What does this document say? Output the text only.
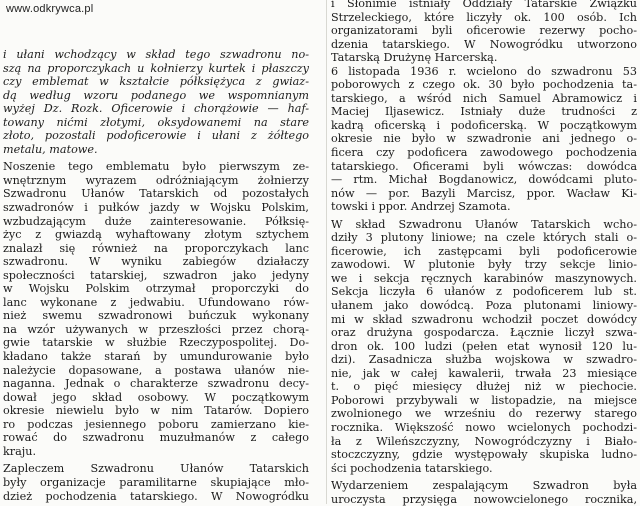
www.odkrywca.pl
i ułani wchodzący w skład tego szwadronu no-
szą na proporczykach u kołnierzy kurtek i płaszczy
czy emblemat w kształcie półksiężyca z gwiaz-
dą według wzoru podanego we wspomnianym
wyżej Dz. Rozk. Oficerowie i chorążowie — haf-
towany nićmi złotymi, oksydowanemi na stare
złoto, pozostali podoficerowie i ułani z żółtego
metalu, matowe.
Noszenie tego emblematu było pierwszym ze-
wnętrznym wyrazem odróżniającym żołnierzy
Szwadronu Ułanów Tatarskich od pozostałych
szwadronów i pułków jazdy w Wojsku Polskim,
wzbudzającym duże zainteresowanie. Półksię-
życ z gwiazdą wyhaftowany złotym sztychem
znalazł się również na proporczykach lanc
szwadronu. W wyniku zabiegów działaczy
społeczności tatarskiej, szwadron jako jedyny
w Wojsku Polskim otrzymał proporczyki do
lanc wykonane z jedwabiu. Ufundowano rów-
nież swemu szwadronowi buńczuk wykonany
na wzór używanych w przeszłości przez chorą-
gwie tatarskie w służbie Rzeczypospolitej. Do-
kładano także starań by umundurowanie było
należycie dopasowane, a postawa ułanów nie-
naganna. Jednak o charakterze szwadronu decy-
dował jego skład osobowy. W początkowym
okresie niewielu było w nim Tatarów. Dopiero
ro podczas jesiennego poboru zamierzano kie-
rować do szwadronu muzułmanów z całego
kraju.
Zapleczem Szwadronu Ułanów Tatarskich
były organizacje paramilitarne skupiające mło-
dzież pochodzenia tatarskiego. W Nowogródku
i Słonimie istniały Oddziały Tatarskie Związku
Strzeleckiego, które liczyły ok. 100 osób. Ich
organizatorami byli oficerowie rezerwy pocho-
dzenia tatarskiego. W Nowogródku utworzono
Tatarską Drużynę Harcerską.
6 listopada 1936 r. wcielono do szwadronu 53
poborowych z czego ok. 30 było pochodzenia ta-
tarskiego, a wśród nich Samuel Abramowicz i
Maciej Iljasewicz. Istniały duże trudności z
kadrą oficerską i podoficerską. W początkowym
okresie nie było w szwadronie ani jednego o-
ficera czy podoficera zawodowego pochodzenia
tatarskiego. Oficerami byli wówczas: dowódca
— rtm. Michał Bogdanowicz, dowódcami pluto-
nów — por. Bazyli Marcisz, ppor. Wacław Ki-
towski i ppor. Andrzej Szamota.
W skład Szwadronu Ułanów Tatarskich wcho-
dziły 3 plutony liniowe; na czele których stali o-
ficerowie, ich zastępcami byli podoficerowie
zawodowi. W plutonie były trzy sekcje linio-
we i sekcja ręcznych karabinów maszynowych.
Sekcja liczyła 6 ułanów z podoficerem lub st.
ułanem jako dowódcą. Poza plutonami liniowy-
mi w skład szwadronu wchodził poczet dowódcy
oraz drużyna gospodarcza. Łącznie liczył szwa-
dron ok. 100 ludzi (pełen etat wynosił 120 lu-
dzi). Zasadnicza służba wojskowa w szwadro-
nie, jak w całej kawalerii, trwała 23 miesiące
t. o pięć miesięcy dłużej niż w piechocie.
Poborowi przybywali w listopadzie, na miejsce
zwolnionego we wrześniu do rezerwy starego
rocznika. Większość nowo wcielonych pochodzi-
ła z Wileńszczyzny, Nowogródczyzny i Biało-
stoczczyzny, gdzie występowały skupiska ludno-
ści pochodzenia tatarskiego.
Wydarzeniem zespalającym Szwadron była
uroczysta przysięga nowowcielonego rocznika,
